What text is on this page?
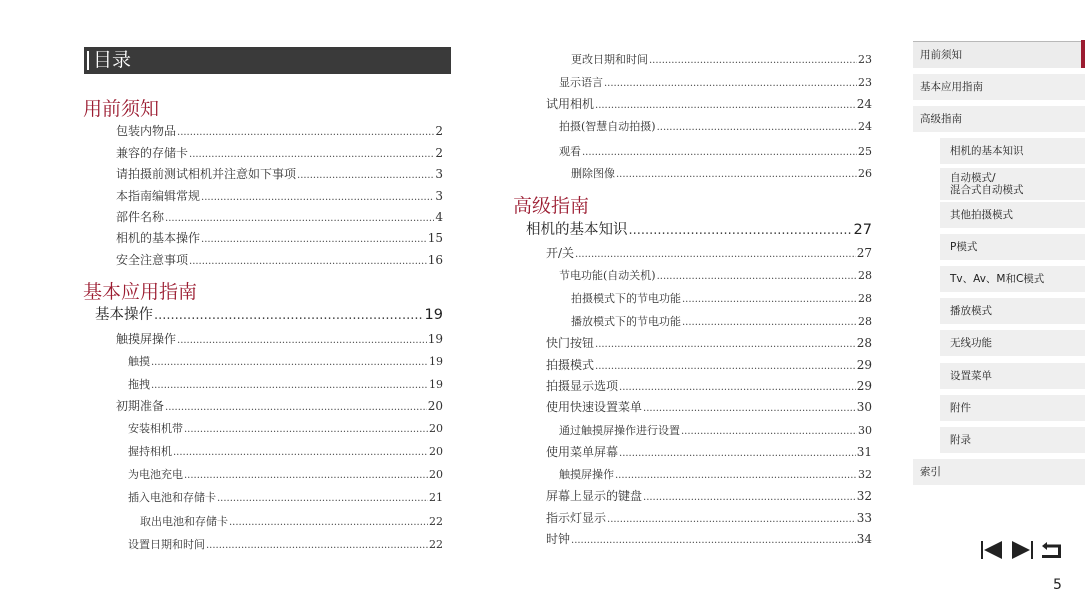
目录
用前须知
包装内物品 .....	2
兼容的存储卡 .....	2
请拍摄前测试相机并注意如下事项 .....	3
本指南编辑常规 .....	3
部件名称 .....	4
相机的基本操作 .....	15
安全注意事项 .....	16
基本应用指南
基本操作 .....	19
触摸屏操作 .....	19
触摸 .....	19
拖拽 .....	19
初期准备 .....	20
安装相机带 .....	20
握持相机 .....	20
为电池充电 .....	20
插入电池和存储卡 .....	21
取出电池和存储卡 .....	22
设置日期和时间 .....	22
更改日期和时间 .....	23
显示语言 .....	23
试用相机 .....	24
拍摄(智慧自动拍摄) .....	24
观看 .....	25
删除图像 .....	26
高级指南
相机的基本知识 .....	27
开/关 .....	27
节电功能(自动关机) .....	28
拍摄模式下的节电功能 .....	28
播放模式下的节电功能 .....	28
快门按钮 .....	28
拍摄模式 .....	29
拍摄显示选项 .....	29
使用快速设置菜单 .....	30
通过触摸屏操作进行设置 .....	30
使用菜单屏幕 .....	31
触摸屏操作 .....	32
屏幕上显示的键盘 .....	32
指示灯显示 .....	33
时钟 .....	34
用前须知
基本应用指南
高级指南
相机的基本知识
自动模式/
混合式自动模式
其他拍摄模式
P模式
Tv、Av、M和C模式
播放模式
无线功能
设置菜单
附件
附录
索引
5
